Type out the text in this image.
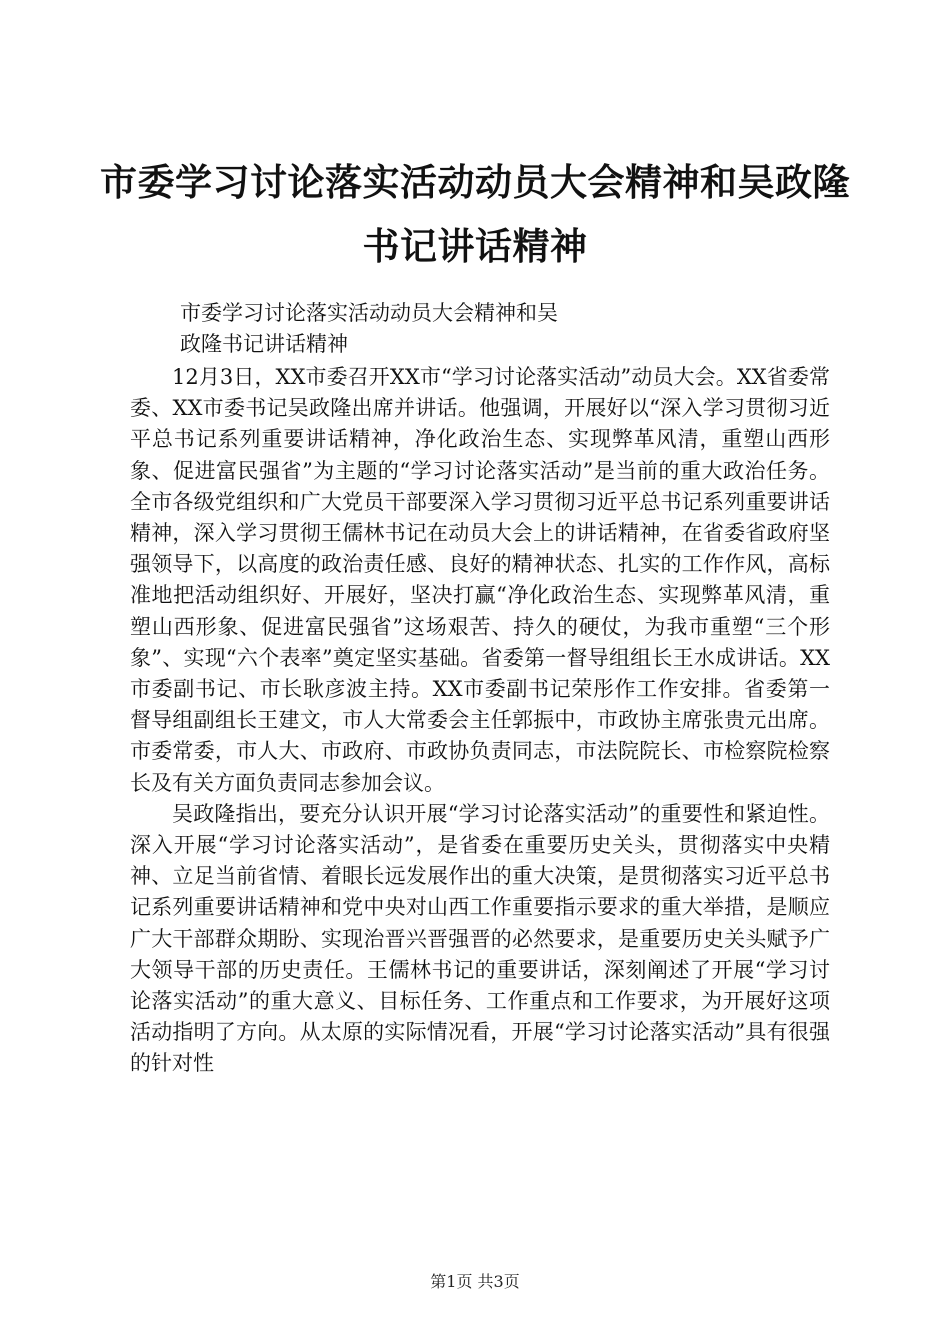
市委学习讨论落实活动动员大会精神和吴政隆
书记讲话精神
市委学习讨论落实活动动员大会精神和吴
政隆书记讲话精神

12月3日，XX市委召开XX市“学习讨论落实活动”动员大会。XX省委常委、XX市委书记吴政隆出席并讲话。他强调，开展好以“深入学习贯彻习近平总书记系列重要讲话精神，净化政治生态、实现弊革风清，重塑山西形象、促进富民强省”为主题的“学习讨论落实活动”是当前的重大政治任务。全市各级党组织和广大党员干部要深入学习贯彻习近平总书记系列重要讲话精神，深入学习贯彻王儒林书记在动员大会上的讲话精神，在省委省政府坚强领导下，以高度的政治责任感、良好的精神状态、扎实的工作作风，高标准地把活动组织好、开展好，坚决打赢“净化政治生态、实现弊革风清，重塑山西形象、促进富民强省”这场艰苦、持久的硬仗，为我市重塑“三个形象”、实现“六个表率”奠定坚实基础。省委第一督导组组长王水成讲话。XX市委副书记、市长耿彦波主持。XX市委副书记荣彤作工作安排。省委第一督导组副组长王建文，市人大常委会主任郭振中，市政协主席张贵元出席。市委常委，市人大、市政府、市政协负责同志，市法院院长、市检察院检察长及有关方面负责同志参加会议。

吴政隆指出，要充分认识开展“学习讨论落实活动”的重要性和紧迫性。深入开展“学习讨论落实活动”，是省委在重要历史关头，贯彻落实中央精神、立足当前省情、着眼长远发展作出的重大决策，是贯彻落实习近平总书记系列重要讲话精神和党中央对山西工作重要指示要求的重大举措，是顺应广大干部群众期盼、实现治晋兴晋强晋的必然要求，是重要历史关头赋予广大领导干部的历史责任。王儒林书记的重要讲话，深刻阐述了开展“学习讨论落实活动”的重大意义、目标任务、工作重点和工作要求，为开展好这项活动指明了方向。从太原的实际情况看，开展“学习讨论落实活动”具有很强的针对性

第1页 共3页
